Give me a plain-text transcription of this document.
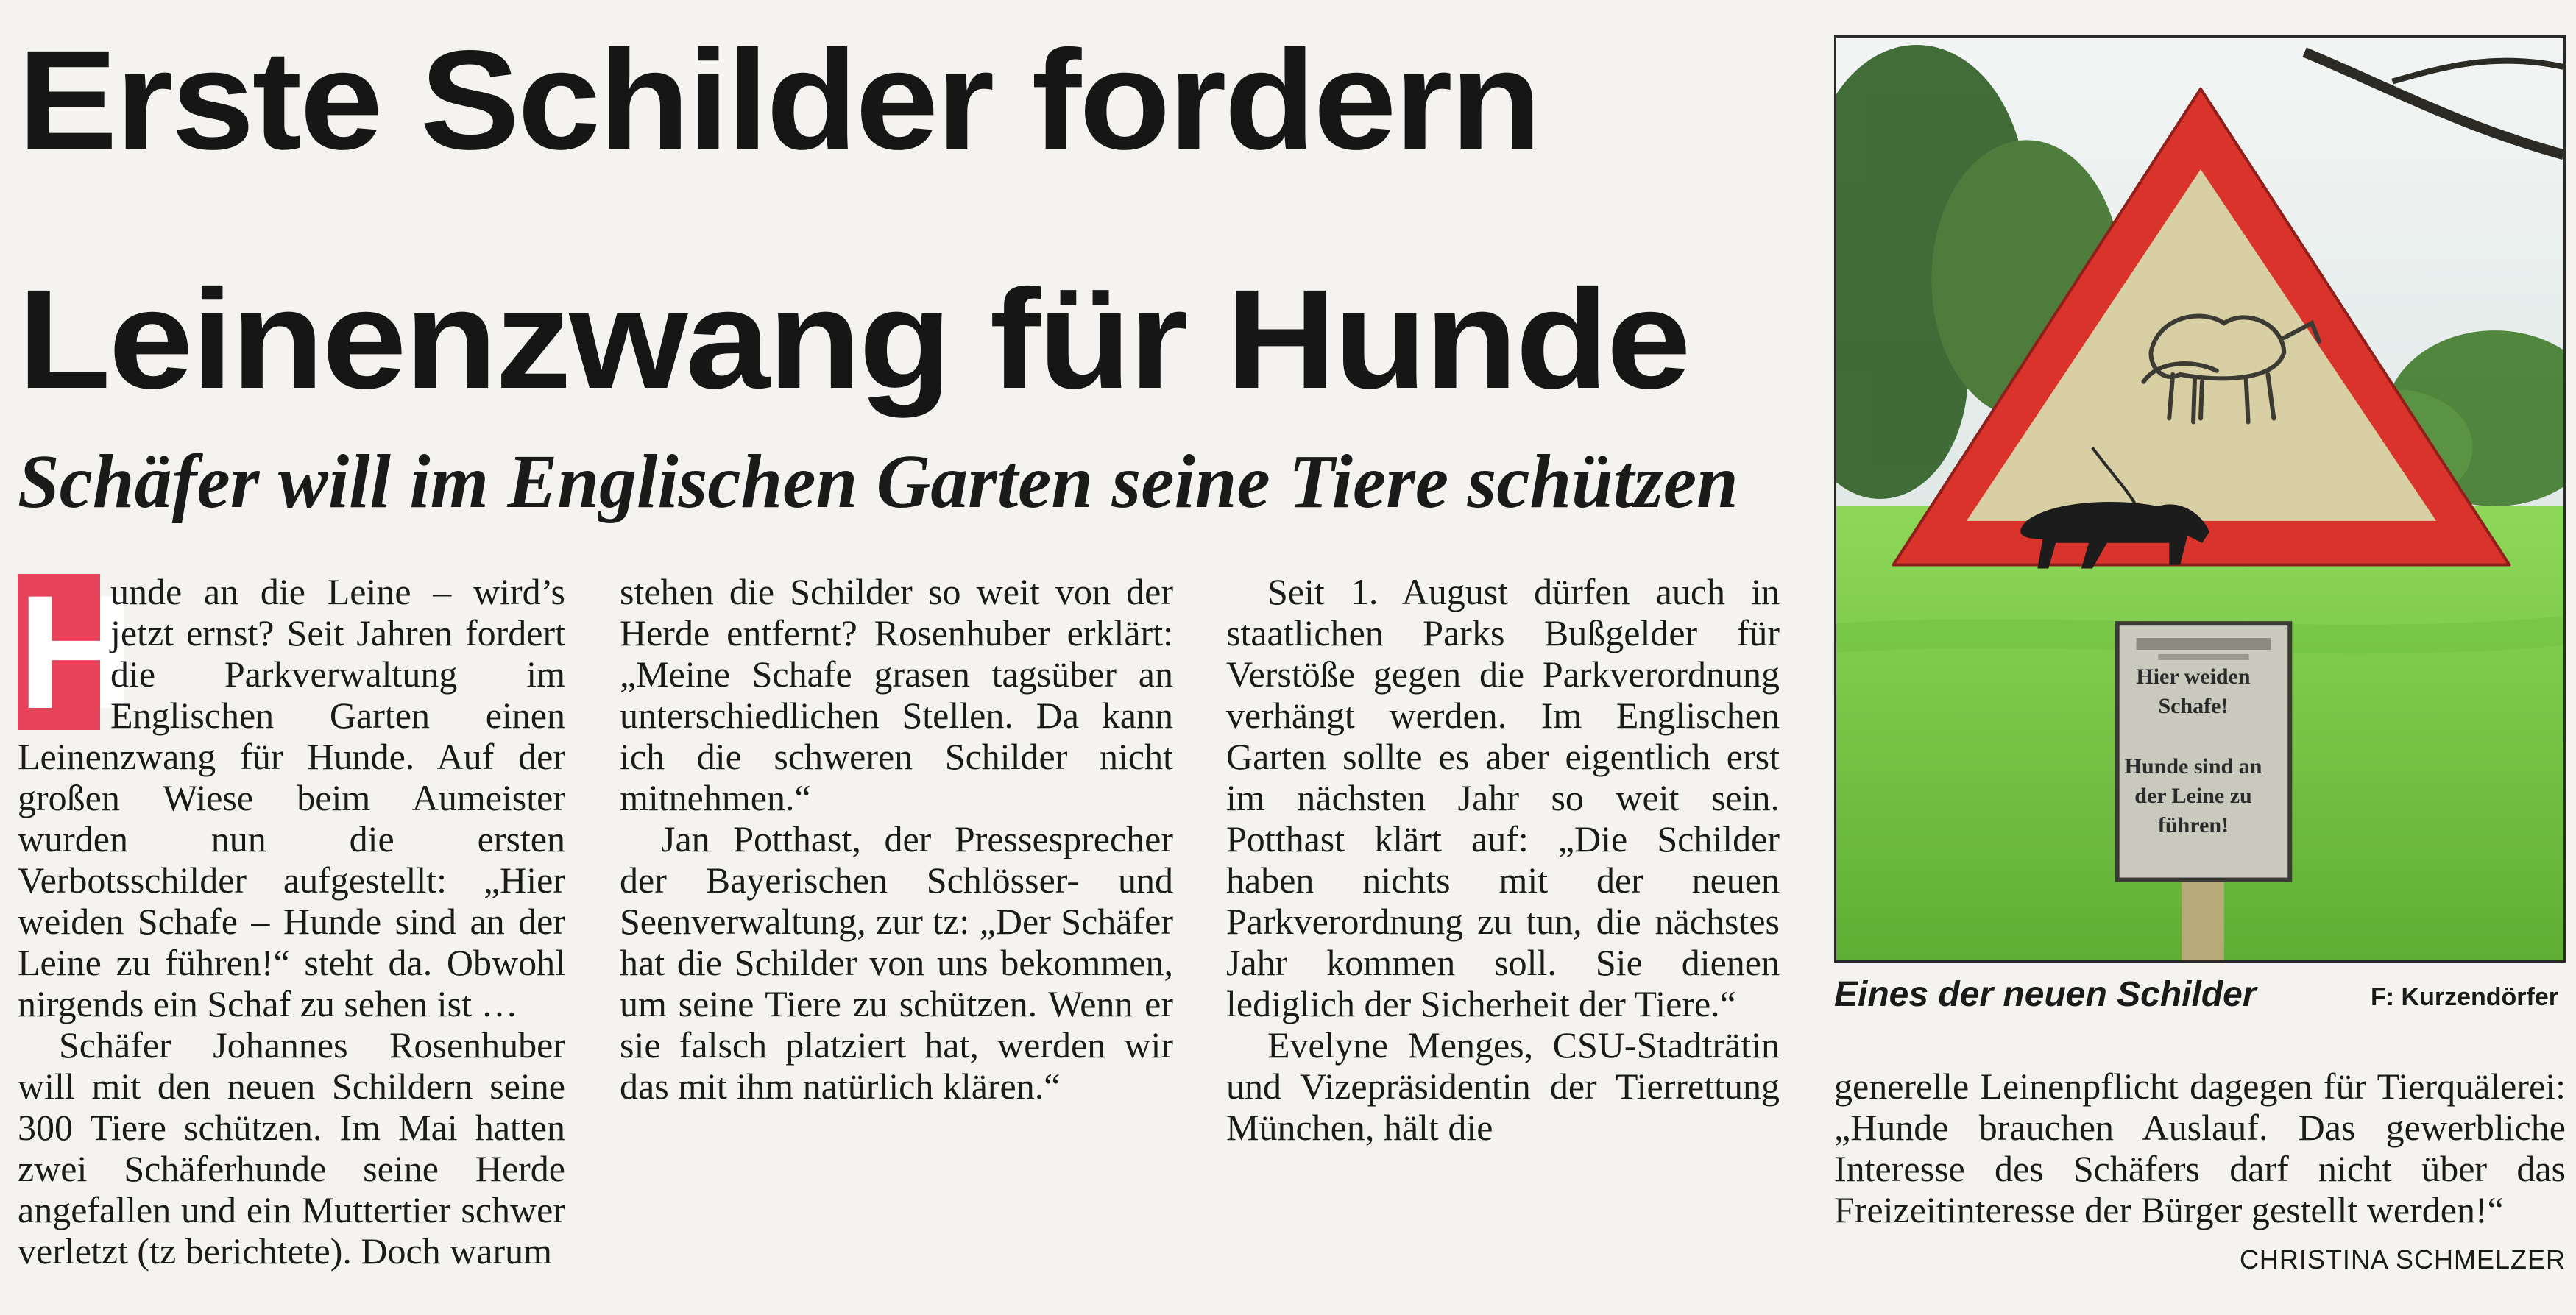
Erste Schilder fordern
Leinenzwang für Hunde
Schäfer will im Englischen Garten seine Tiere schützen
H

unde an die Leine – wird’s jetzt ernst? Seit Jahren fordert die Parkverwaltung im Englischen Garten einen Leinenzwang für Hunde. Auf der großen Wiese beim Aumeister wurden nun die ersten Verbotsschilder aufgestellt: „Hier weiden Schafe – Hunde sind an der Leine zu führen!“ steht da. Obwohl nirgends ein Schaf zu sehen ist …

Schäfer Johannes Rosenhuber will mit den neuen Schildern seine 300 Tiere schützen. Im Mai hatten zwei Schäferhunde seine Herde angefallen und ein Muttertier schwer verletzt (tz berichtete). Doch warum

stehen die Schilder so weit von der Herde entfernt? Rosenhuber erklärt: „Meine Schafe grasen tagsüber an unterschiedlichen Stellen. Da kann ich die schweren Schilder nicht mitnehmen.“

Jan Potthast, der Pressesprecher der Bayerischen Schlösser- und Seenverwaltung, zur tz: „Der Schäfer hat die Schilder von uns bekommen, um seine Tiere zu schützen. Wenn er sie falsch platziert hat, werden wir das mit ihm natürlich klären.“

Seit 1. August dürfen auch in staatlichen Parks Bußgelder für Verstöße gegen die Parkverordnung verhängt werden. Im Englischen Garten sollte es aber eigentlich erst im nächsten Jahr so weit sein. Potthast klärt auf: „Die Schilder haben nichts mit der neuen Parkverordnung zu tun, die nächstes Jahr kommen soll. Sie dienen lediglich der Sicherheit der Tiere.“

Evelyne Menges, CSU-Stadträtin und Vizepräsidentin der Tierrettung München, hält die

Hier weiden Schafe!
Hunde sind an der Leine zu führen!
Eines der neuen Schilder	F: Kurzendörfer

generelle Leinenpflicht dagegen für Tierquälerei: „Hunde brauchen Auslauf. Das gewerbliche Interesse des Schäfers darf nicht über das Freizeitinteresse der Bürger gestellt werden!“
CHRISTINA SCHMELZER
